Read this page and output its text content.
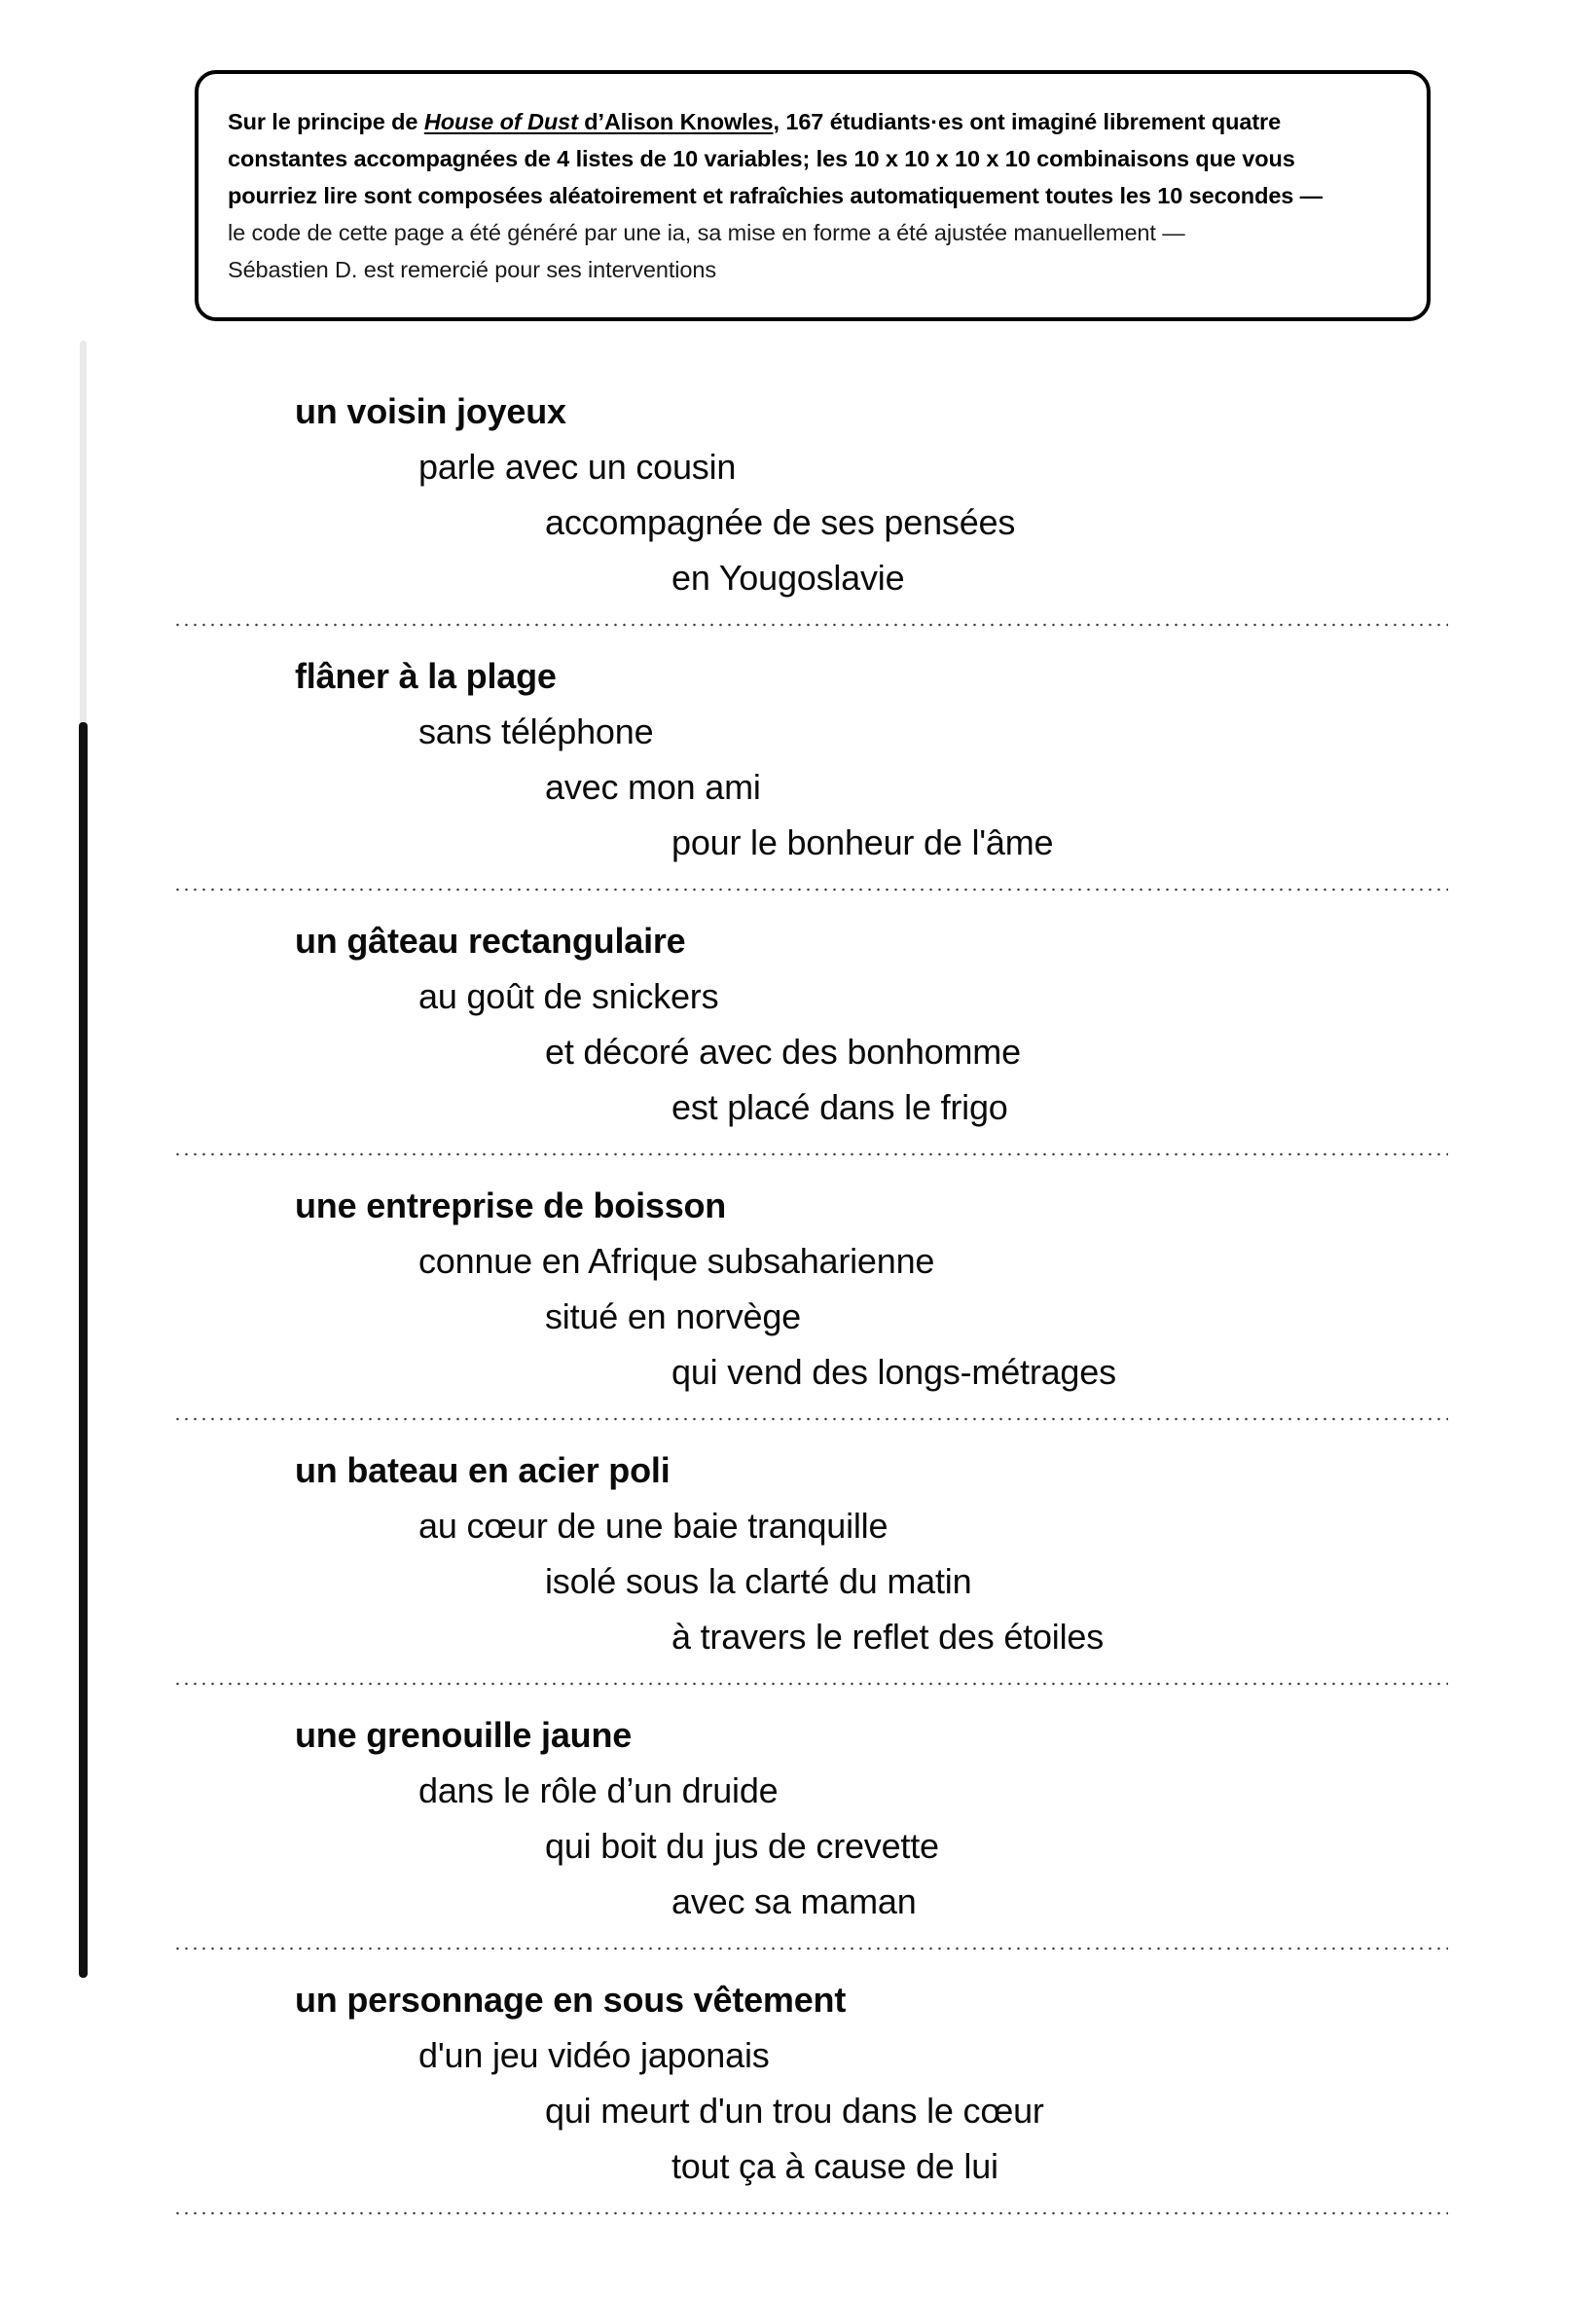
Sur le principe de House of Dust d’Alison Knowles, 167 étudiants·es ont imaginé librement quatre
constantes accompagnées de 4 listes de 10 variables; les 10 x 10 x 10 x 10 combinaisons que vous
pourriez lire sont composées aléatoirement et rafraîchies automatiquement toutes les 10 secondes —
le code de cette page a été généré par une ia, sa mise en forme a été ajustée manuellement —
Sébastien D. est remercié pour ses interventions

un voisin joyeux
parle avec un cousin
accompagnée de ses pensées
en Yougoslavie
flâner à la plage
sans téléphone
avec mon ami
pour le bonheur de l'âme
un gâteau rectangulaire
au goût de snickers
et décoré avec des bonhomme
est placé dans le frigo
une entreprise de boisson
connue en Afrique subsaharienne
situé en norvège
qui vend des longs-métrages
un bateau en acier poli
au cœur de une baie tranquille
isolé sous la clarté du matin
à travers le reflet des étoiles
une grenouille jaune
dans le rôle d’un druide
qui boit du jus de crevette
avec sa maman
un personnage en sous vêtement
d'un jeu vidéo japonais
qui meurt d'un trou dans le cœur
tout ça à cause de lui
